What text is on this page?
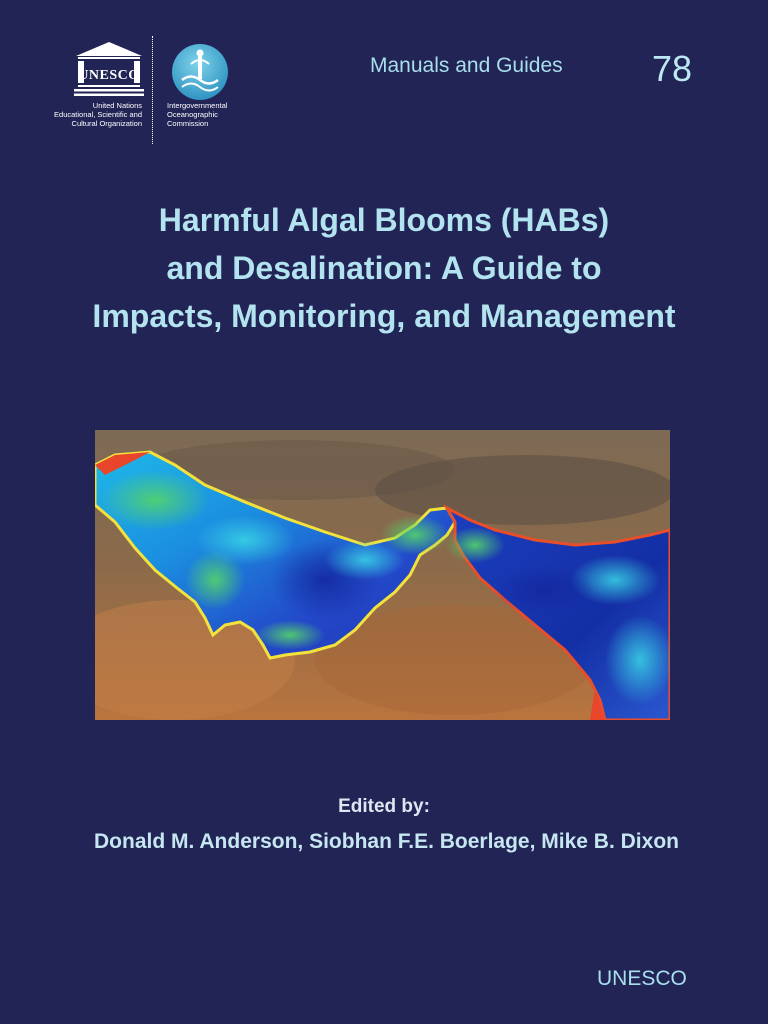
UNESCO
United Nations
Educational, Scientific and
Cultural Organization
Intergovernmental
Oceanographic
Commission
Manuals and Guides 78
Harmful Algal Blooms (HABs)
and Desalination: A Guide to
Impacts, Monitoring, and Management
Edited by:
Donald M. Anderson, Siobhan F.E. Boerlage, Mike B. Dixon
UNESCO
